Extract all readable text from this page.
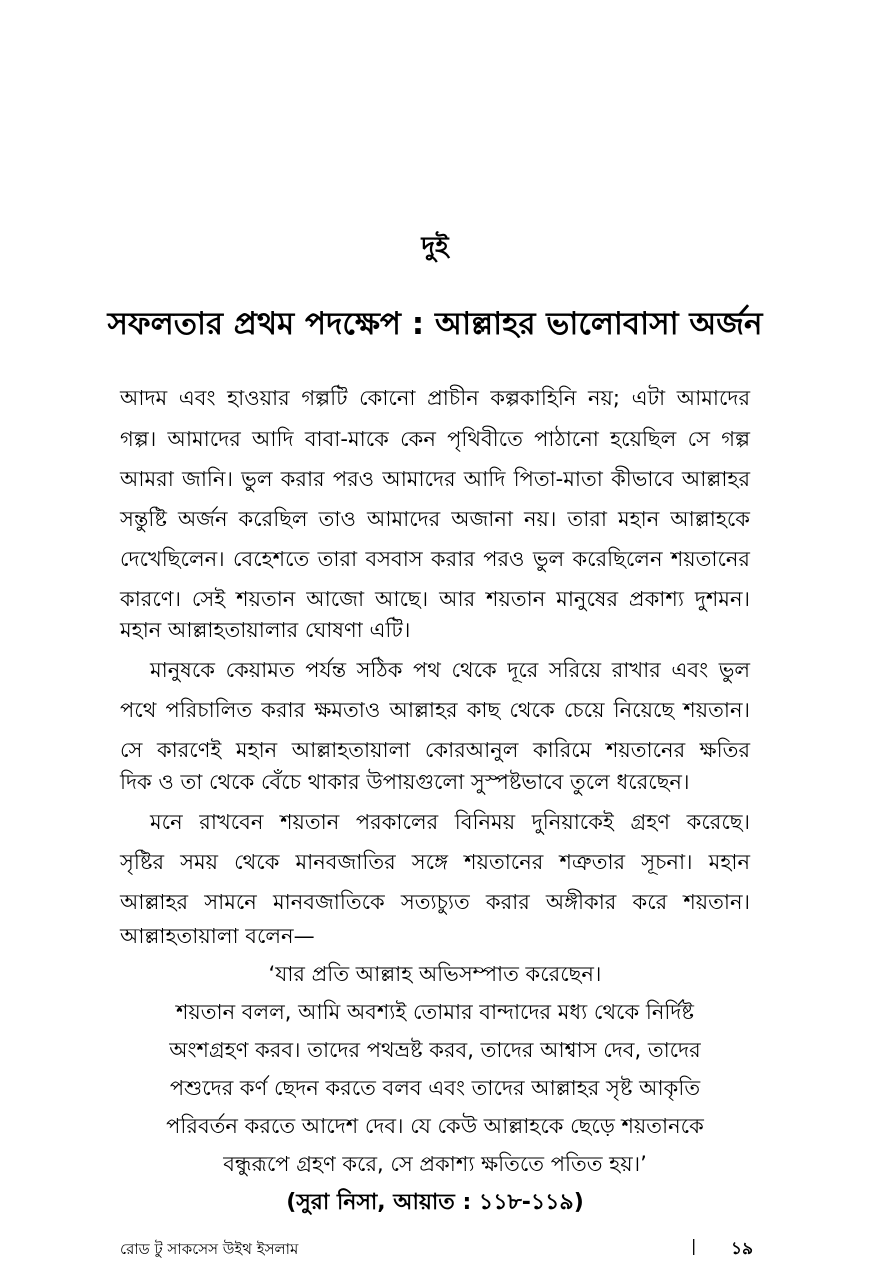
দুই
সফলতার প্রথম পদক্ষেপ : আল্লাহর ভালোবাসা অর্জন
আদম এবং হাওয়ার গল্পটি কোনো প্রাচীন কল্পকাহিনি নয়; এটা আমাদের
গল্প। আমাদের আদি বাবা-মাকে কেন পৃথিবীতে পাঠানো হয়েছিল সে গল্প
আমরা জানি। ভুল করার পরও আমাদের আদি পিতা-মাতা কীভাবে আল্লাহর
সন্তুষ্টি অর্জন করেছিল তাও আমাদের অজানা নয়। তারা মহান আল্লাহকে
দেখেছিলেন। বেহেশতে তারা বসবাস করার পরও ভুল করেছিলেন শয়তানের
কারণে। সেই শয়তান আজো আছে। আর শয়তান মানুষের প্রকাশ্য দুশমন।
মহান আল্লাহতায়ালার ঘোষণা এটি।
মানুষকে কেয়ামত পর্যন্ত সঠিক পথ থেকে দূরে সরিয়ে রাখার এবং ভুল
পথে পরিচালিত করার ক্ষমতাও আল্লাহর কাছ থেকে চেয়ে নিয়েছে শয়তান।
সে কারণেই মহান আল্লাহতায়ালা কোরআনুল কারিমে শয়তানের ক্ষতির
দিক ও তা থেকে বেঁচে থাকার উপায়গুলো সুস্পষ্টভাবে তুলে ধরেছেন।
মনে রাখবেন শয়তান পরকালের বিনিময় দুনিয়াকেই গ্রহণ করেছে।
সৃষ্টির সময় থেকে মানবজাতির সঙ্গে শয়তানের শত্রুতার সূচনা। মহান
আল্লাহর সামনে মানবজাতিকে সত্যচ্যুত করার অঙ্গীকার করে শয়তান।
আল্লাহতায়ালা বলেন—
‘যার প্রতি আল্লাহ অভিসম্পাত করেছেন।
শয়তান বলল, আমি অবশ্যই তোমার বান্দাদের মধ্য থেকে নির্দিষ্ট
অংশগ্রহণ করব। তাদের পথভ্রষ্ট করব, তাদের আশ্বাস দেব, তাদের
পশুদের কর্ণ ছেদন করতে বলব এবং তাদের আল্লাহর সৃষ্ট আকৃতি
পরিবর্তন করতে আদেশ দেব। যে কেউ আল্লাহকে ছেড়ে শয়তানকে
বন্ধুরূপে গ্রহণ করে, সে প্রকাশ্য ক্ষতিতে পতিত হয়।’
(সুরা নিসা, আয়াত : ১১৮-১১৯)
রোড টু সাকসেস উইথ ইসলাম	| ১৯
